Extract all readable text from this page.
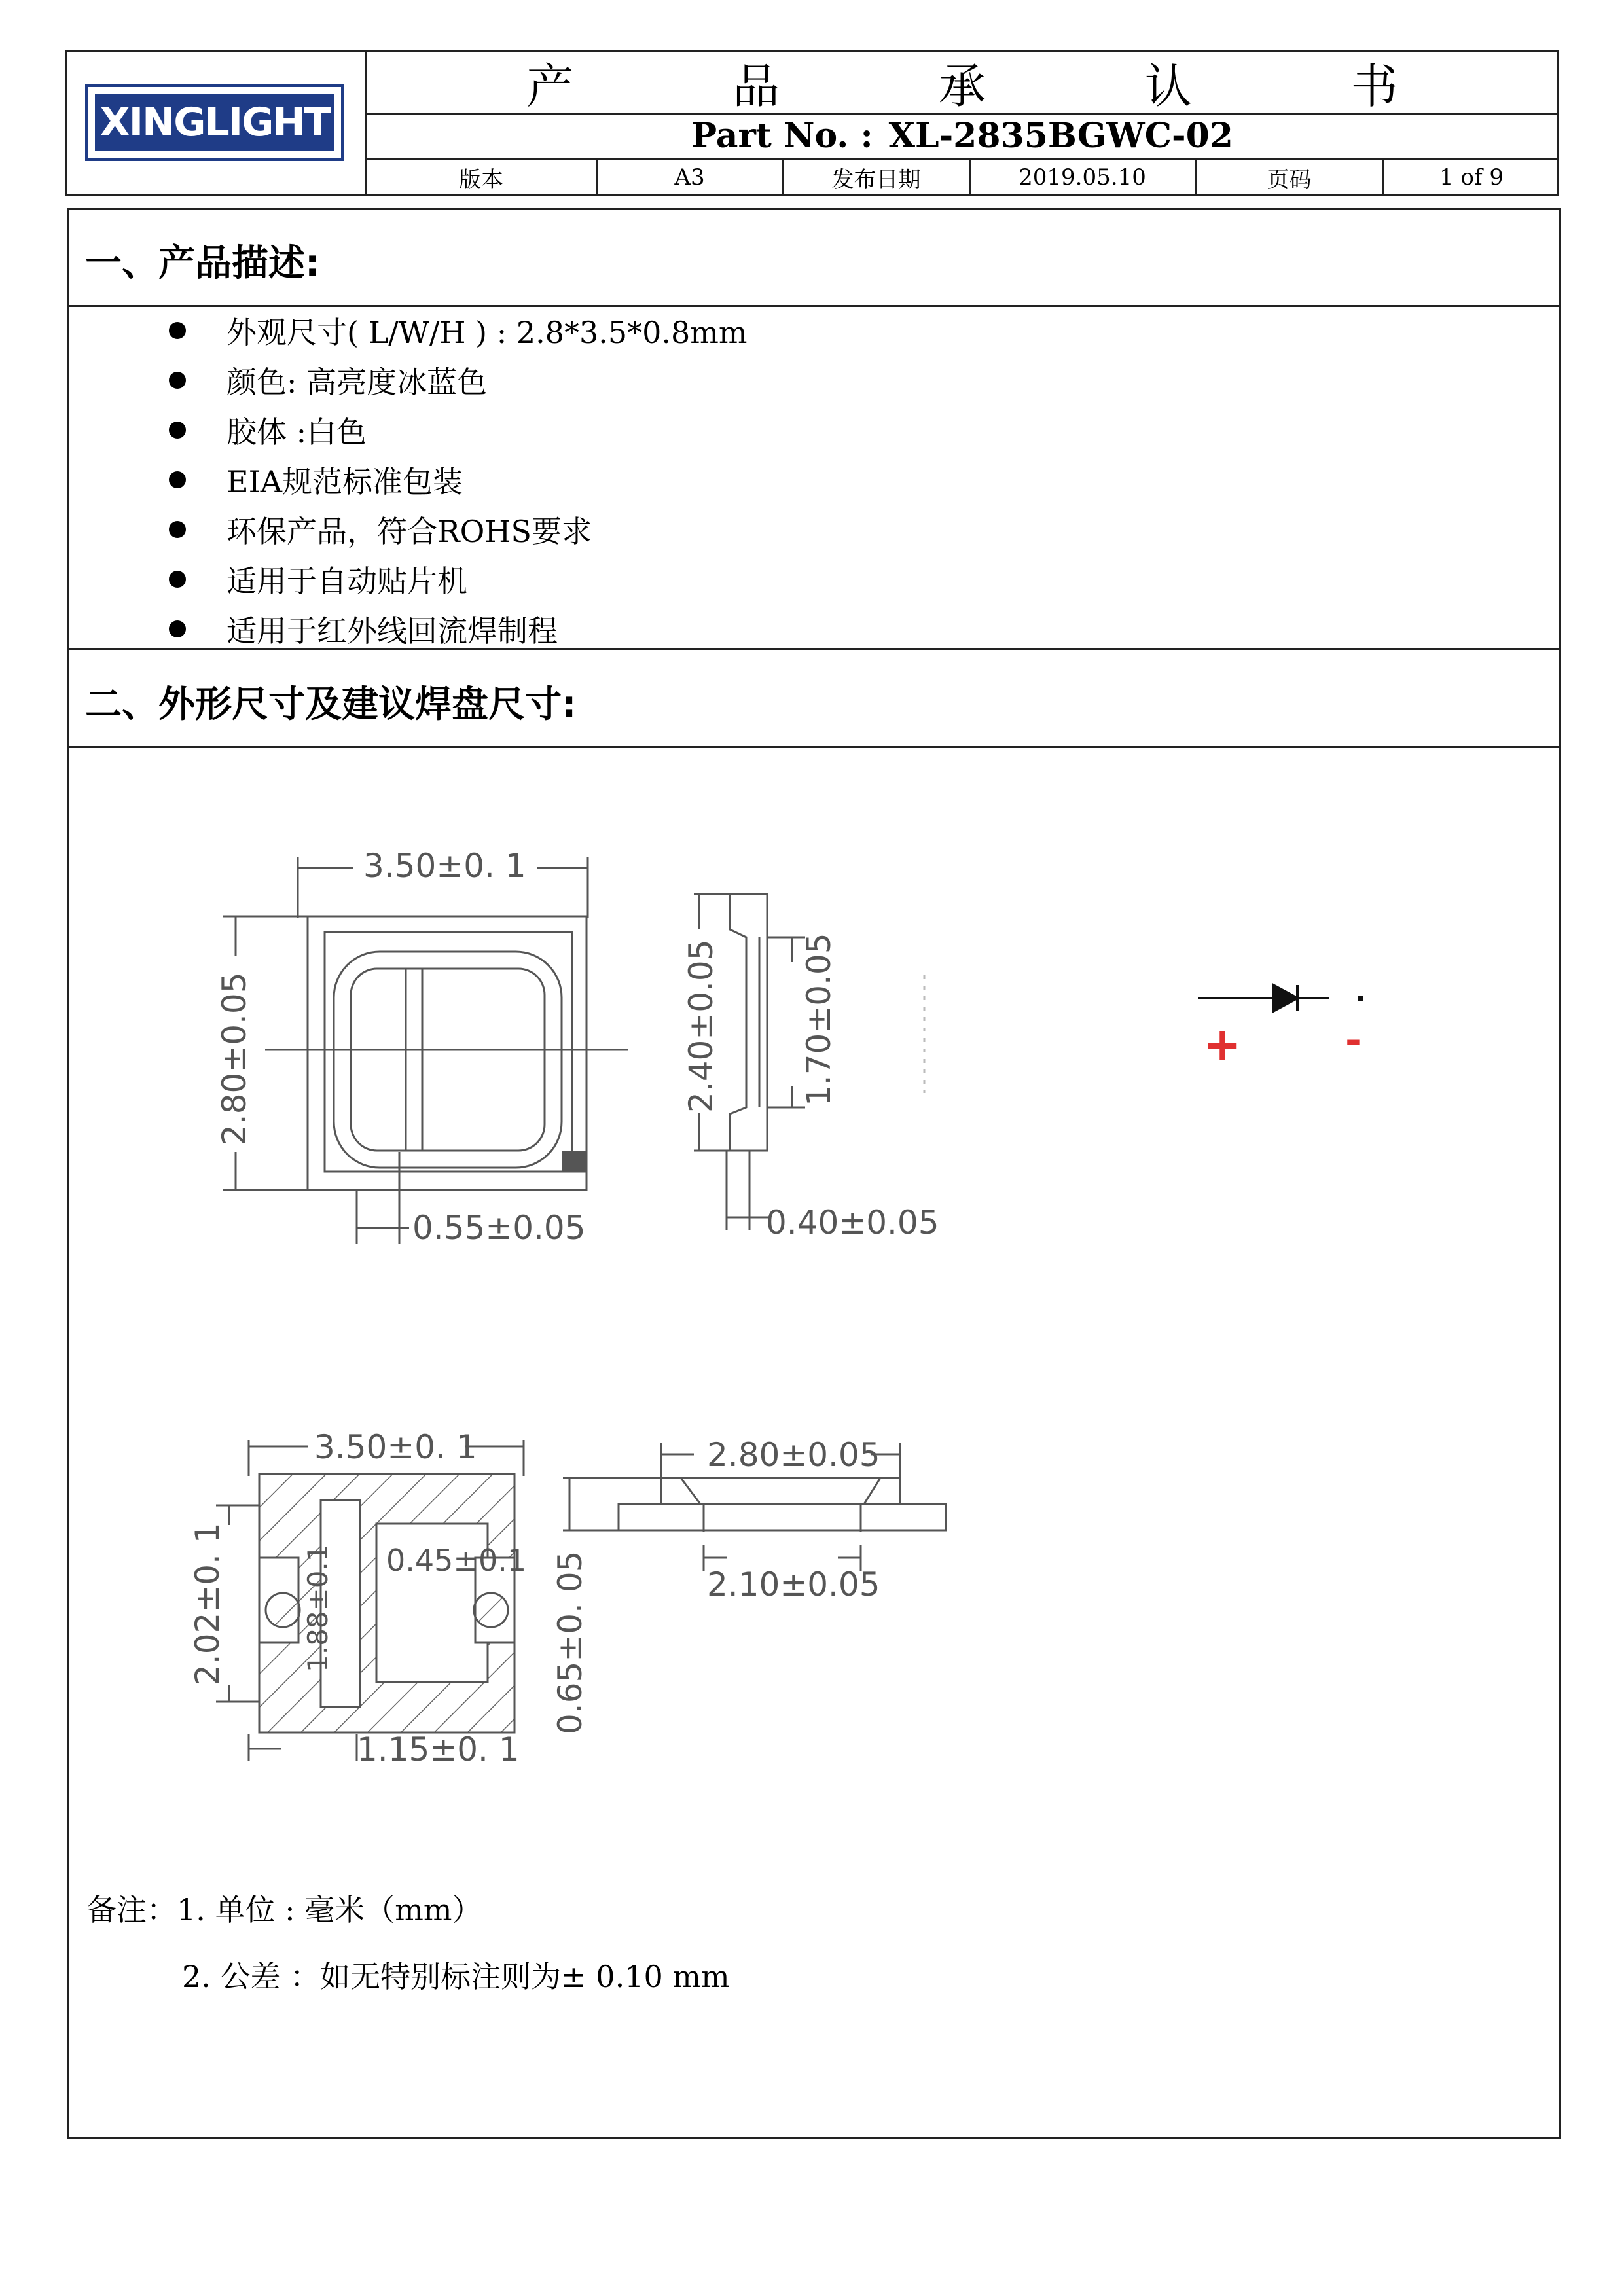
XINGLIGHT
产 品 承 认 书
Part No. : XL-2835BGWC-02
版本	A3	发布日期	2019.05.10	页码	1 of 9
一、产品描述:
外观尺寸( L/W/H ) : 2.8*3.5*0.8mm
颜色: 高亮度冰蓝色
胶体 :白色
EIA规范标准包装
环保产品，符合ROHS要求
适用于自动贴片机
适用于红外线回流焊制程
二、外形尺寸及建议焊盘尺寸:
3.50±0. 1
2.80±0.05
0.55±0.05
2.40±0.05 1.70±0.05
0.40±0.05
+	-
3.50±0. 1
2.02±0. 1	1.88±0.1 0.45±0.1
1.15±0. 1
2.80±0.05
2.10±0.05
0.65±0. 05
备注：1. 单位 : 毫米（mm）
2. 公差 ：如无特别标注则为± 0.10 mm
